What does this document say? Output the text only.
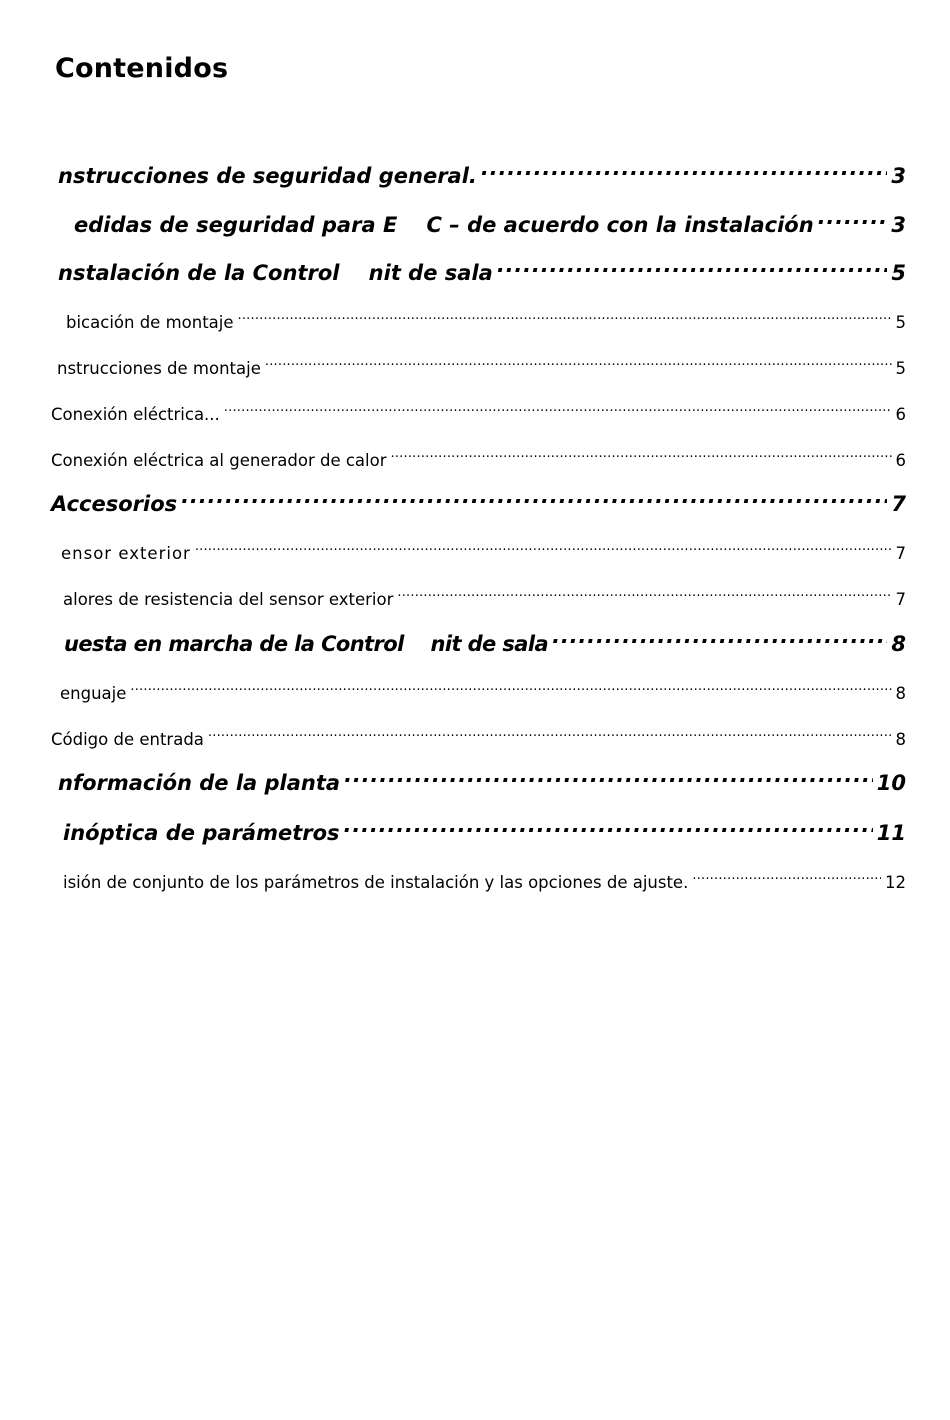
Contenidos
nstrucciones de seguridad general. .....	3
edidas de seguridad para E    C – de acuerdo con la instalación .....	3
nstalación de la Control    nit de sala .....	5
bicación de montaje .....	5
nstrucciones de montaje .....	5
Conexión eléctrica... .....	6
Conexión eléctrica al generador de calor .....	6
Accesorios .....	7
ensor exterior .....	7
alores de resistencia del sensor exterior .....	7
uesta en marcha de la Control    nit de sala .....	8
enguaje .....	8
Código de entrada .....	8
nformación de la planta .....	10
inóptica de parámetros .....	11
isión de conjunto de los parámetros de instalación y las opciones de ajuste. .....	12
